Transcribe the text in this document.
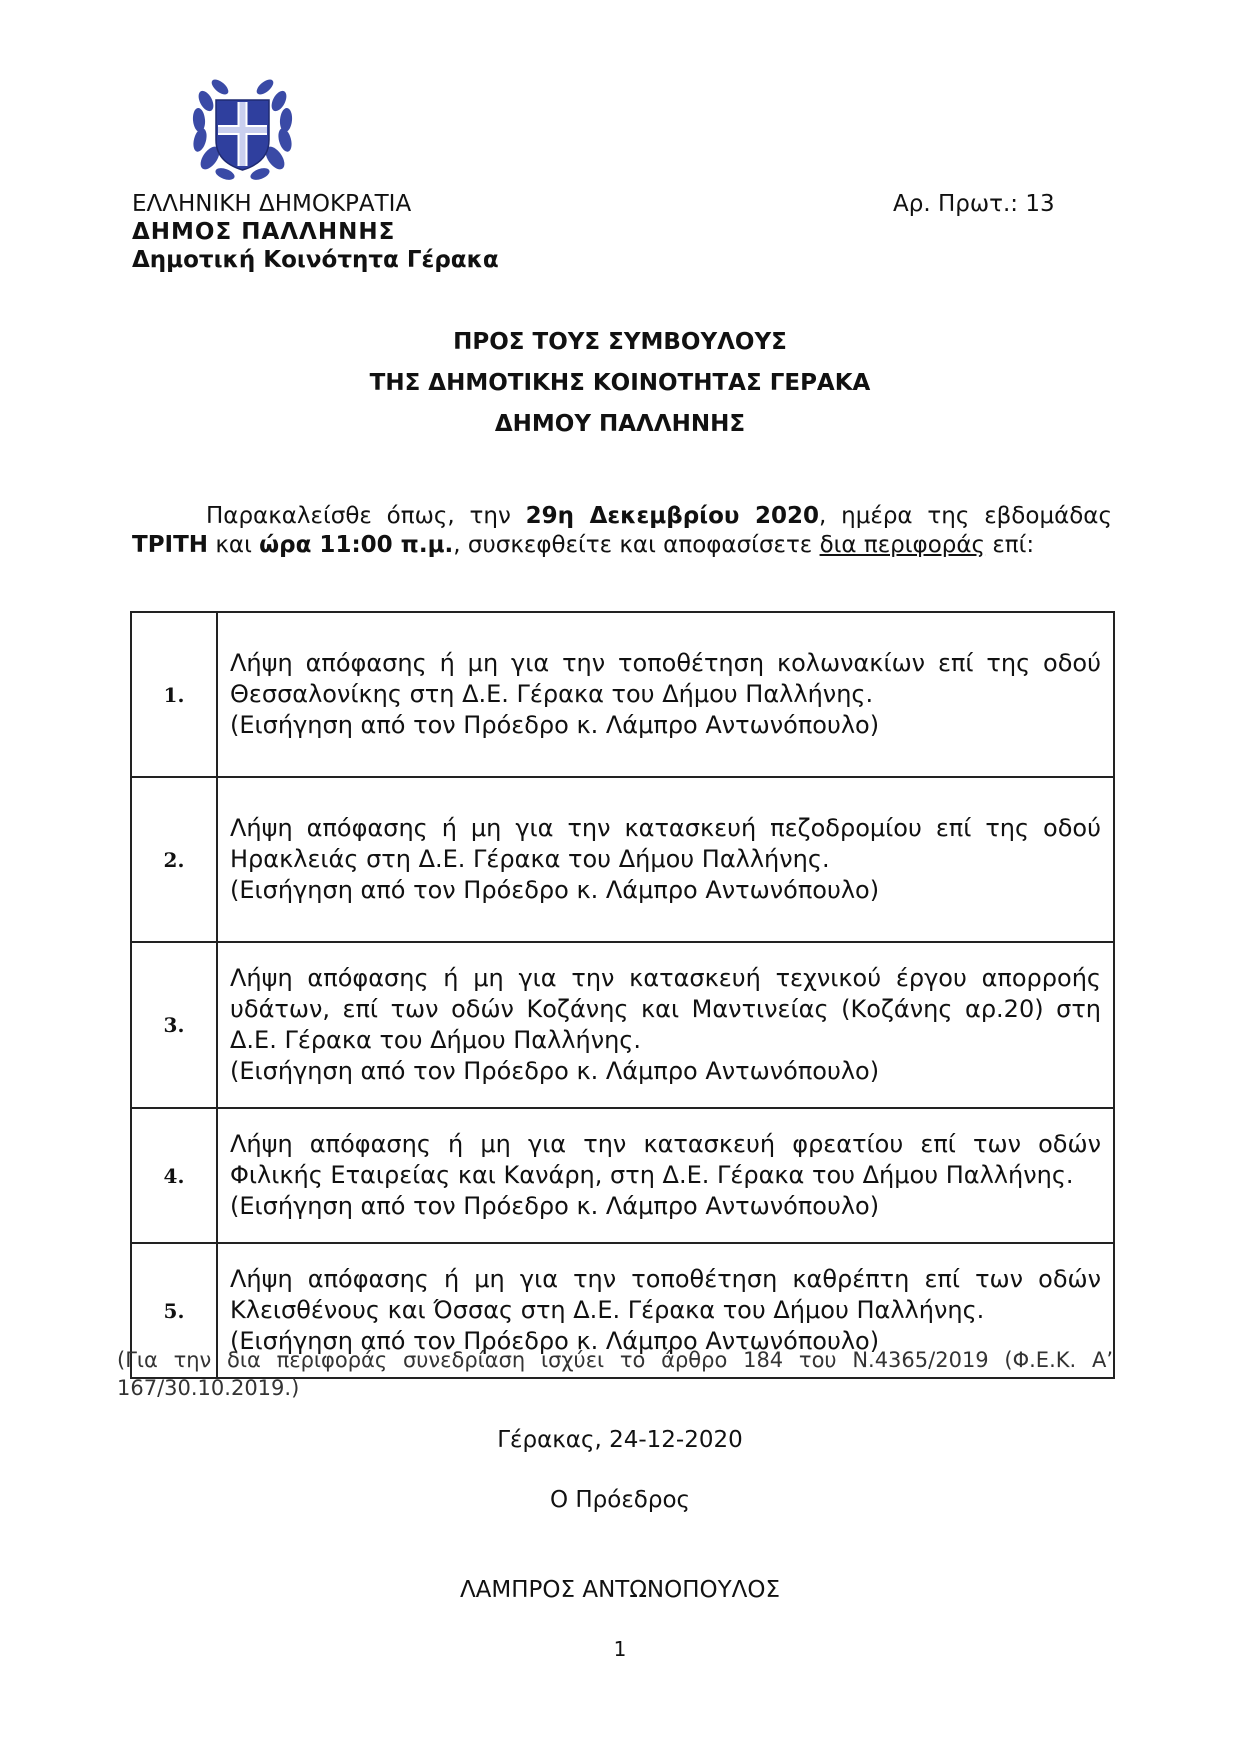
ΕΛΛΗΝΙΚΗ ΔΗΜΟΚΡΑΤΙΑ
ΔΗΜΟΣ ΠΑΛΛΗΝΗΣ
Δημοτική Κοινότητα Γέρακα
Αρ. Πρωτ.: 13
ΠΡΟΣ ΤΟΥΣ ΣΥΜΒΟΥΛΟΥΣ
ΤΗΣ ΔΗΜΟΤΙΚΗΣ ΚΟΙΝΟΤΗΤΑΣ ΓΕΡΑΚΑ
ΔΗΜΟΥ ΠΑΛΛΗΝΗΣ
Παρακαλείσθε όπως, την 29η Δεκεμβρίου 2020, ημέρα της εβδομάδας
ΤΡΙΤΗ και ώρα 11:00 π.μ., συσκεφθείτε και αποφασίσετε δια περιφοράς επί:
1.	Λήψη απόφασης ή μη για την τοποθέτηση κολωνακίων επί της οδού Θεσσαλονίκης στη Δ.Ε. Γέρακα του Δήμου Παλλήνης.
(Εισήγηση από τον Πρόεδρο κ. Λάμπρο Αντωνόπουλο)

2.	Λήψη απόφασης ή μη για την κατασκευή πεζοδρομίου επί της οδού Ηρακλειάς στη Δ.Ε. Γέρακα του Δήμου Παλλήνης.
(Εισήγηση από τον Πρόεδρο κ. Λάμπρο Αντωνόπουλο)

3.	Λήψη απόφασης ή μη για την κατασκευή τεχνικού έργου απορροής υδάτων, επί των οδών Κοζάνης και Μαντινείας (Κοζάνης αρ.20) στη Δ.Ε. Γέρακα του Δήμου Παλλήνης.
(Εισήγηση από τον Πρόεδρο κ. Λάμπρο Αντωνόπουλο)

4.	Λήψη απόφασης ή μη για την κατασκευή φρεατίου επί των οδών Φιλικής Εταιρείας και Κανάρη, στη Δ.Ε. Γέρακα του Δήμου Παλλήνης.
(Εισήγηση από τον Πρόεδρο κ. Λάμπρο Αντωνόπουλο)

5.	Λήψη απόφασης ή μη για την τοποθέτηση καθρέπτη επί των οδών Κλεισθένους και Όσσας στη Δ.Ε. Γέρακα του Δήμου Παλλήνης.
(Εισήγηση από τον Πρόεδρο κ. Λάμπρο Αντωνόπουλο)
(Για την δια περιφοράς συνεδρίαση ισχύει το άρθρο 184 του Ν.4365/2019 (Φ.Ε.Κ. Α’
167/30.10.2019.)
Γέρακας, 24-12-2020
Ο Πρόεδρος
ΛΑΜΠΡΟΣ ΑΝΤΩΝΟΠΟΥΛΟΣ
1
